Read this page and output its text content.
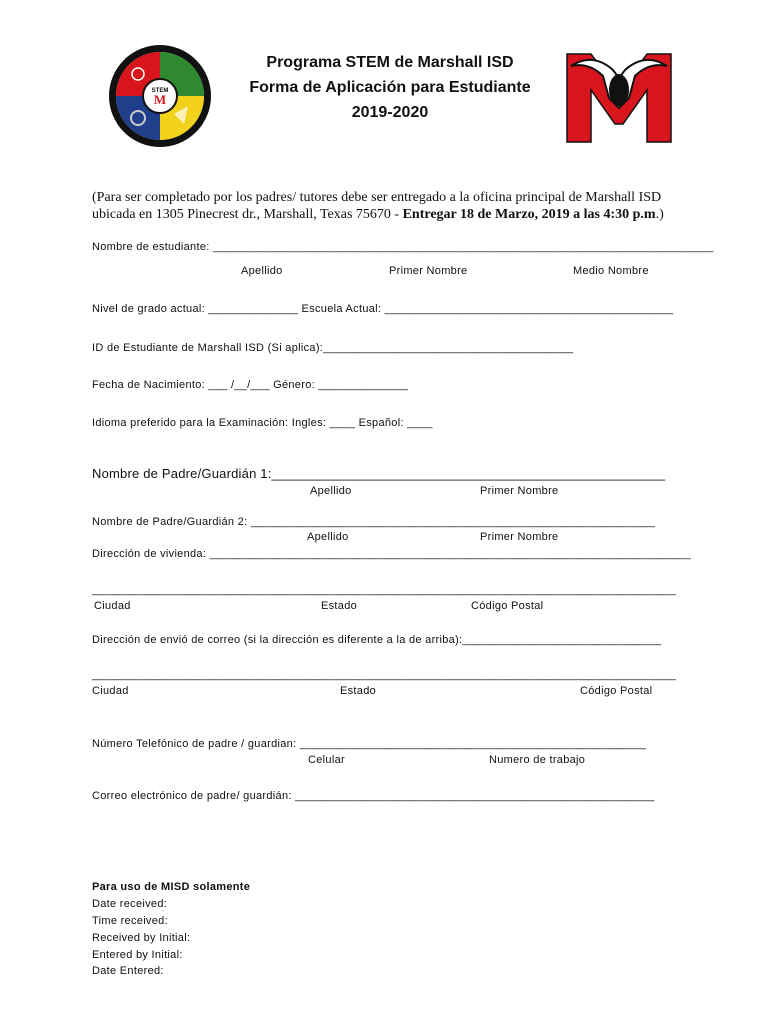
STEM
M
Programa STEM de Marshall ISD
Forma de Aplicación para Estudiante
2019-2020
(Para ser completado por los padres/ tutores debe ser entregado a la oficina principal de Marshall ISD
ubicada en 1305 Pinecrest dr., Marshall, Texas 75670 - Entregar 18 de Marzo, 2019 a las 4:30 p.m.)
Nombre de estudiante: ______________________________________________________________________________
Apellido	Primer Nombre	Medio Nombre
Nivel de grado actual: ______________ Escuela Actual: _____________________________________________
ID de Estudiante de Marshall ISD (Si aplica):_______________________________________
Fecha de Nacimiento: ___ /__/___ Género: ______________
Idioma preferido para la Examinación: Ingles: ____ Español: ____
Nombre de Padre/Guardián 1:_____________________________________________________
Apellido	Primer Nombre
Nombre de Padre/Guardián 2: _______________________________________________________________
Apellido	Primer Nombre
Dirección de vivienda: ___________________________________________________________________________
___________________________________________________________________________________________
Ciudad	Estado	Código Postal
Dirección de envió de correo (si la dirección es diferente a la de arriba):_______________________________
___________________________________________________________________________________________
Ciudad	Estado	Código Postal
Número Telefónico de padre / guardian: ______________________________________________________
Celular	Numero de trabajo
Correo electrónico de padre/ guardián: ________________________________________________________
Para uso de MISD solamente
Date received:
Time received:
Received by Initial:
Entered by Initial:
Date Entered:
